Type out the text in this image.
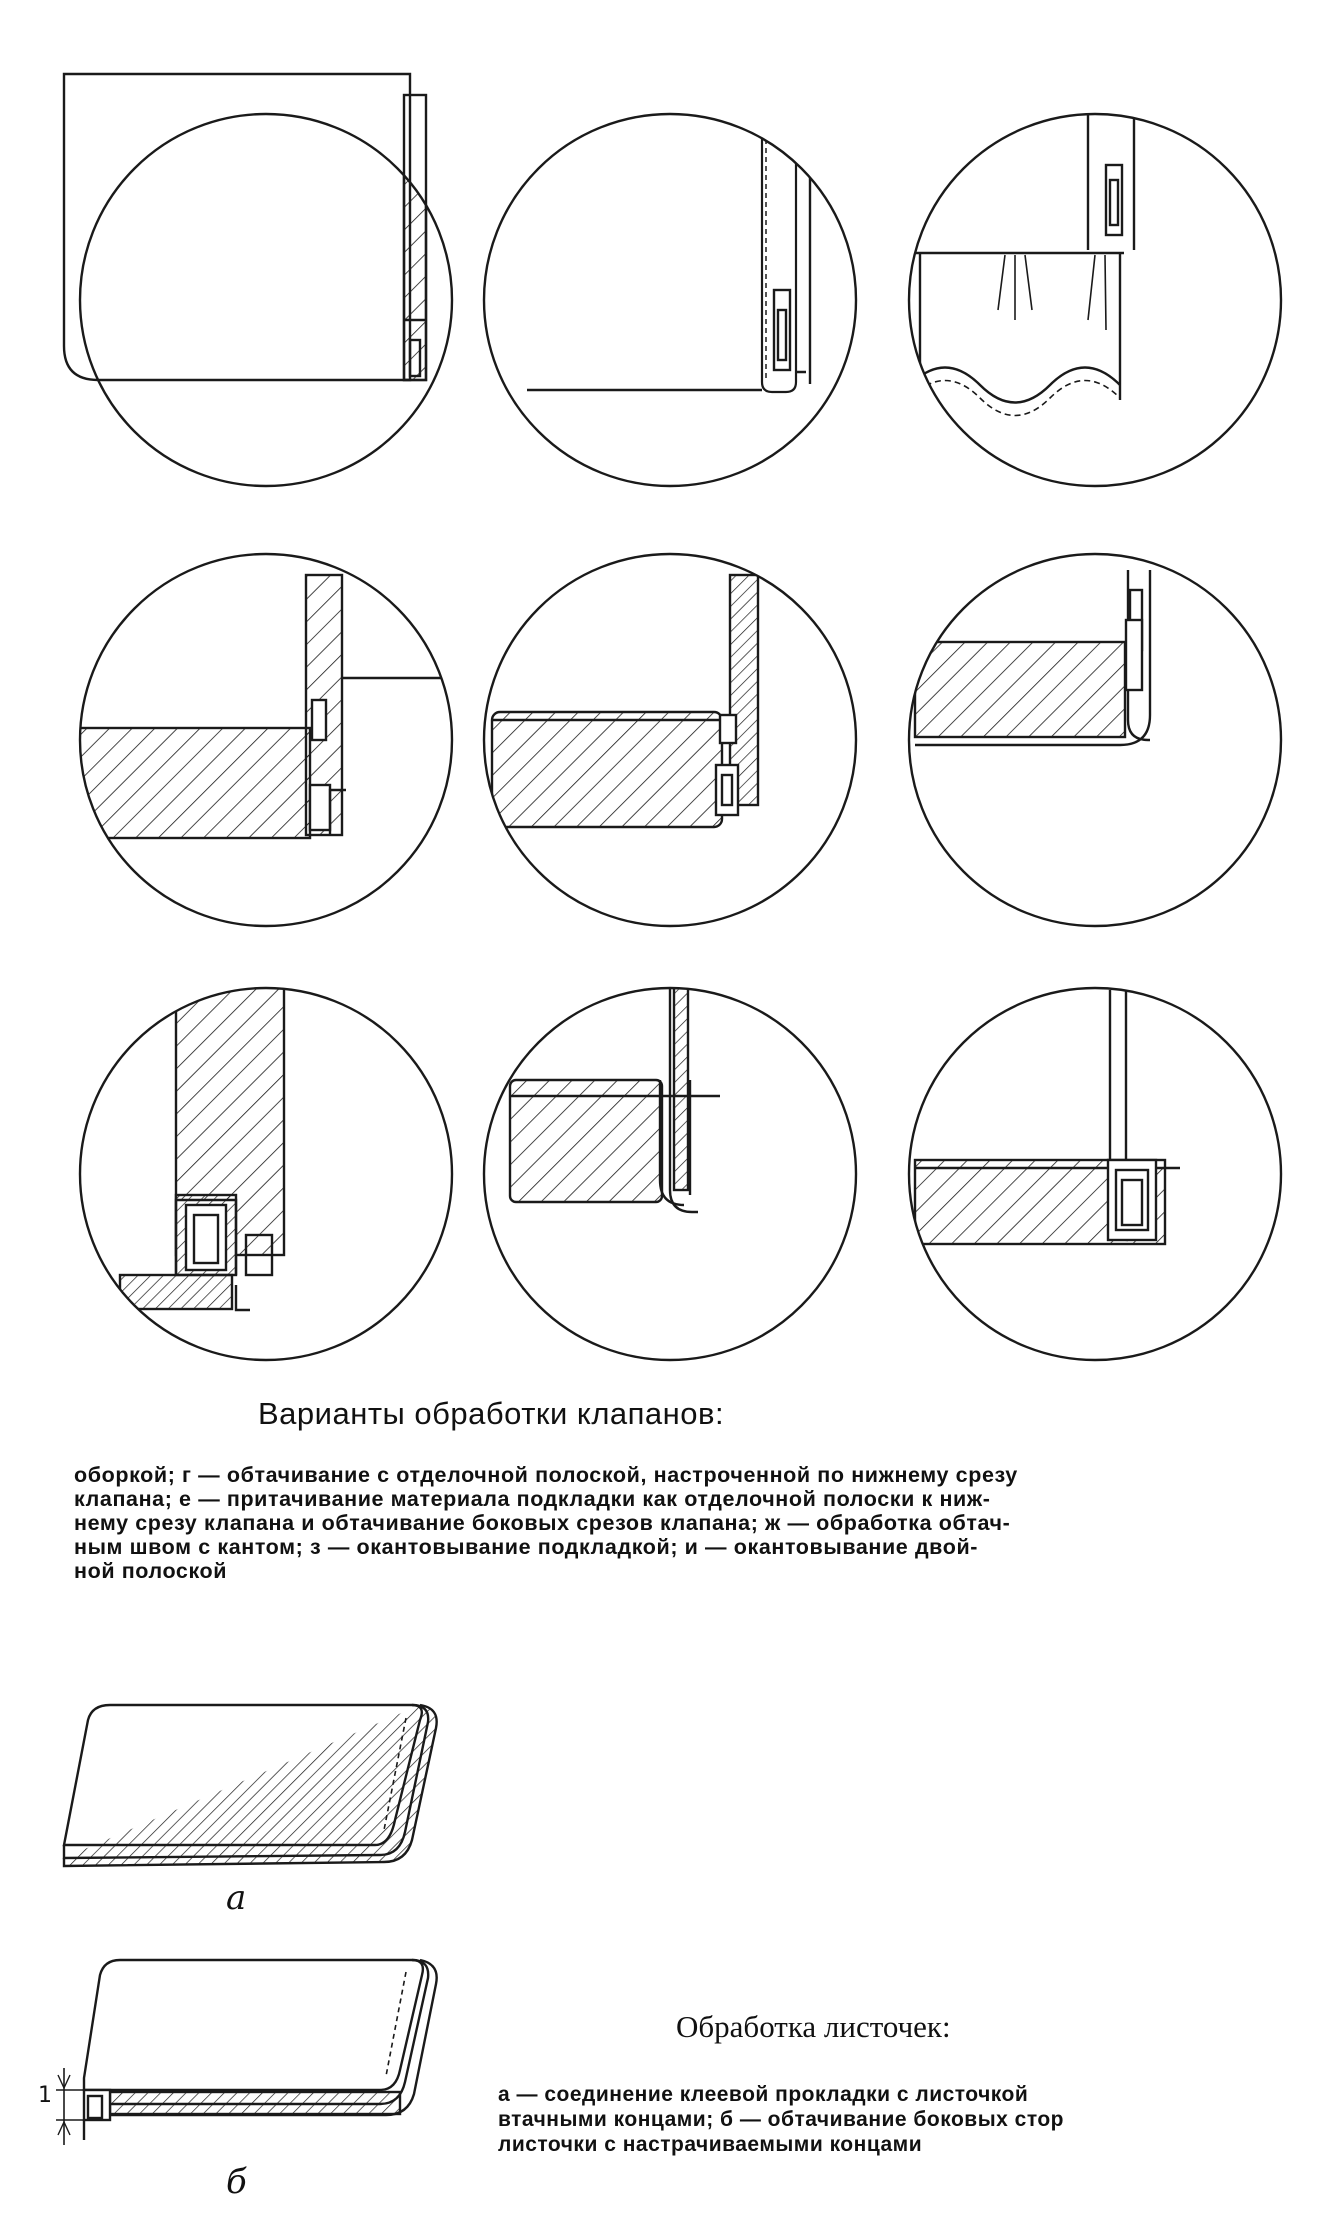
Варианты обработки клапанов:
оборкой; г — обтачивание с отделочной полоской, настроченной по нижнему срезу
клапана; е — притачивание материала подкладки как отделочной полоски к ниж-
нему срезу клапана и обтачивание боковых срезов клапана; ж — обработка обтач-
ным швом с кантом; з — окантовывание подкладкой; и — окантовывание двой-
ной полоской
а
б
1
Обработка листочек:
а — соединение клеевой прокладки с листочкой
втачными концами; б — обтачивание боковых стор
листочки с настрачиваемыми концами
